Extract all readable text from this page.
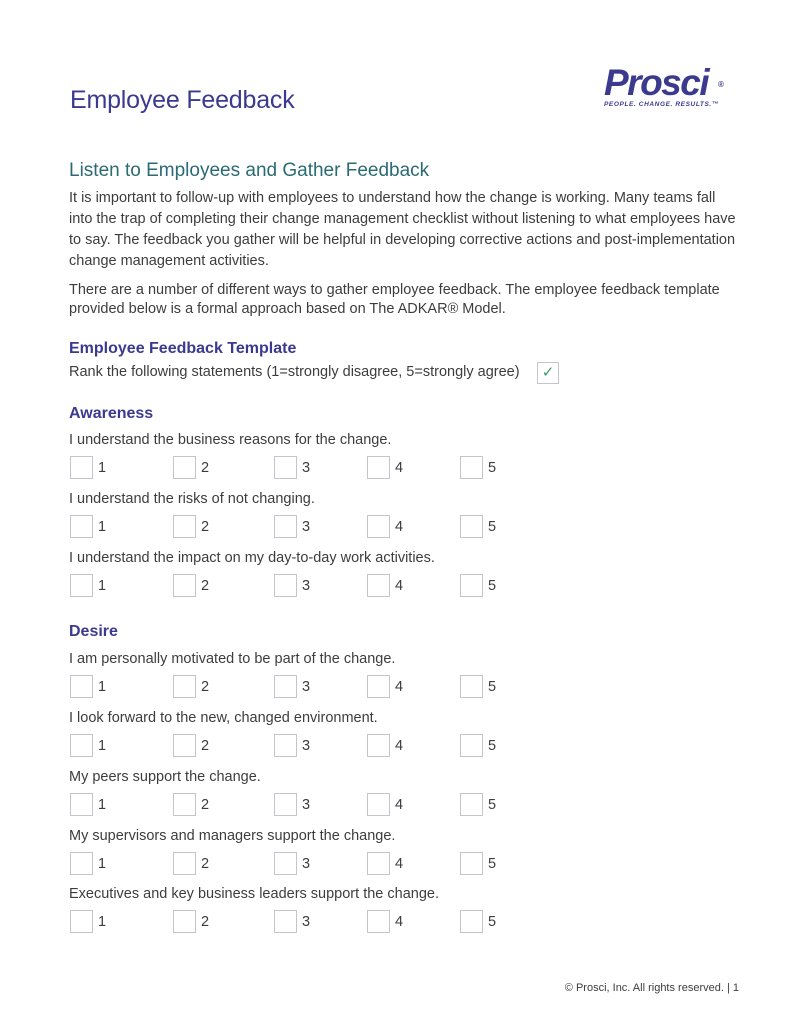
Employee Feedback	Prosci ®
PEOPLE. CHANGE. RESULTS.™
Listen to Employees and Gather Feedback
It is important to follow-up with employees to understand how the change is working. Many teams fall into the trap of completing their change management checklist without listening to what employees have to say. The feedback you gather will be helpful in developing corrective actions and post-implementation change management activities.
There are a number of different ways to gather employee feedback. The employee feedback template provided below is a formal approach based on The ADKAR® Model.
Employee Feedback Template
Rank the following statements (1=strongly disagree, 5=strongly agree)	✓
Awareness
I understand the business reasons for the change.
1	2	3	4	5
I understand the risks of not changing.
1	2	3	4	5
I understand the impact on my day-to-day work activities.
1	2	3	4	5
Desire
I am personally motivated to be part of the change.
1	2	3	4	5
I look forward to the new, changed environment.
1	2	3	4	5
My peers support the change.
1	2	3	4	5
My supervisors and managers support the change.
1	2	3	4	5
Executives and key business leaders support the change.
1	2	3	4	5
© Prosci, Inc. All rights reserved. | 1
